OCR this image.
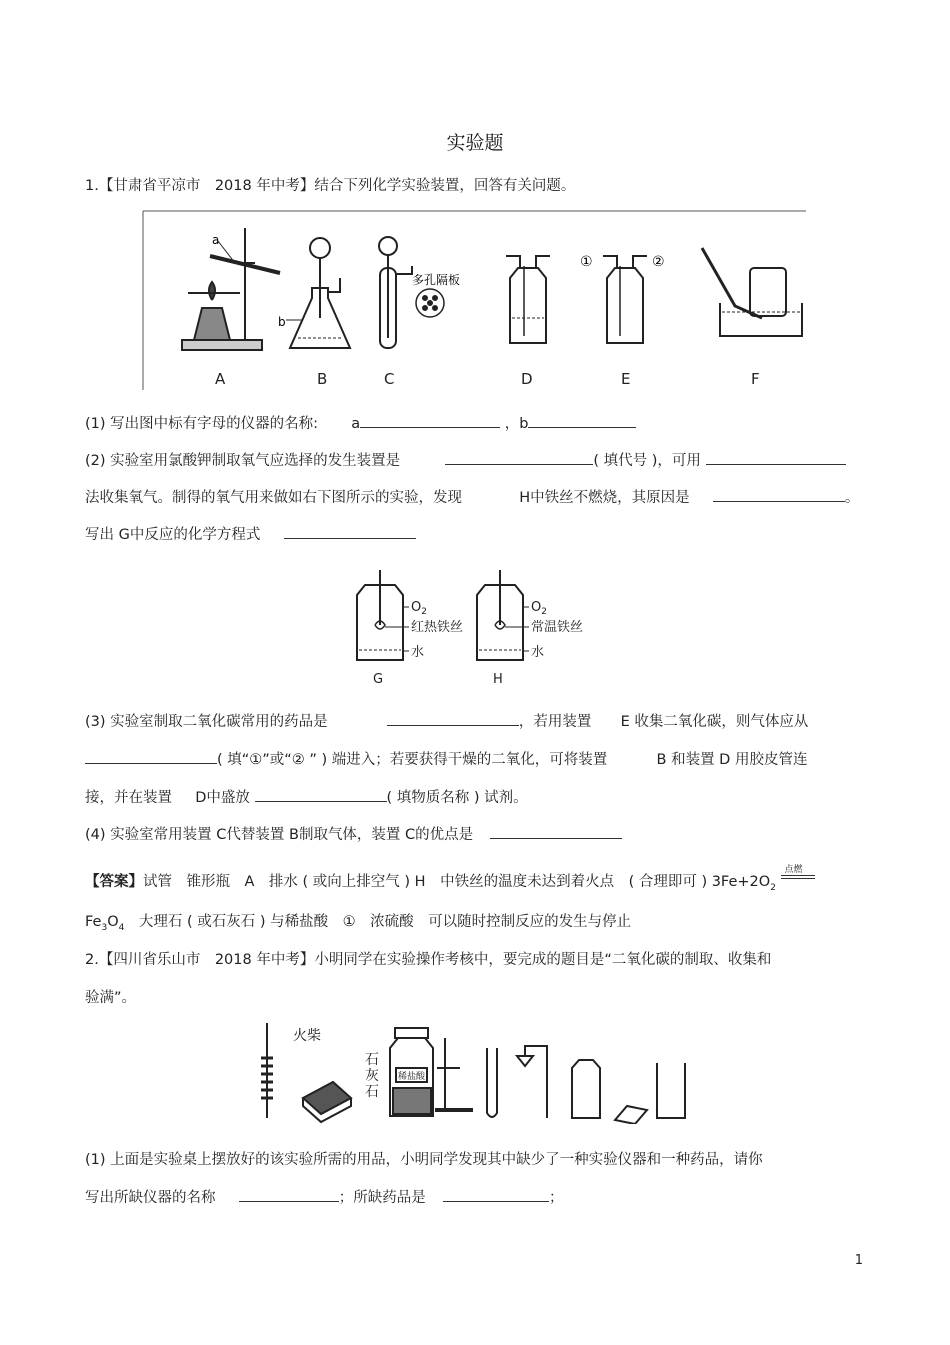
实验题
1.【甘肃省平凉市　2018 年中考】结合下列化学实验装置，回答有关问题。
a
b
多孔隔板
①	②
A	B	C	D	E	F
(1) 写出图中标有字母的仪器的名称: a	，b
(2) 实验室用氯酸钾制取氧气应选择的发生装置是	( 填代号 )，可用
法收集氧气。制得的氧气用来做如右下图所示的实验，发现	H中铁丝不燃烧，其原因是	。
写出 G中反应的化学方程式
$O_2$
红热铁丝
水
$O_2$
常温铁丝
水
G	H
(3) 实验室制取二氧化碳常用的药品是	，若用装置 E 收集二氧化碳，则气体应从
( 填“①”或“② ” ) 端进入；若要获得干燥的二氧化，可将装置	B 和装置 D 用胶皮管连
接，并在装置 D中盛放	( 填物质名称 ) 试剂。
(4) 实验室常用装置 C代替装置 B制取气体，装置 C的优点是
【答案】试管　锥形瓶　A　排水 ( 或向上排空气 ) H　中铁丝的温度未达到着火点　( 合理即可 ) $3Fe+2O_2$
点燃
$Fe_3O_4$　大理石 ( 或石灰石 ) 与稀盐酸　①　浓硫酸　可以随时控制反应的发生与停止
2.【四川省乐山市　2018 年中考】小明同学在实验操作考核中，要完成的题目是“二氧化碳的制取、收集和
验满”。
火柴
石
灰
石
稀盐酸
(1) 上面是实验桌上摆放好的该实验所需的用品，小明同学发现其中缺少了一种实验仪器和一种药品，请你
写出所缺仪器的名称	；所缺药品是	；
1
